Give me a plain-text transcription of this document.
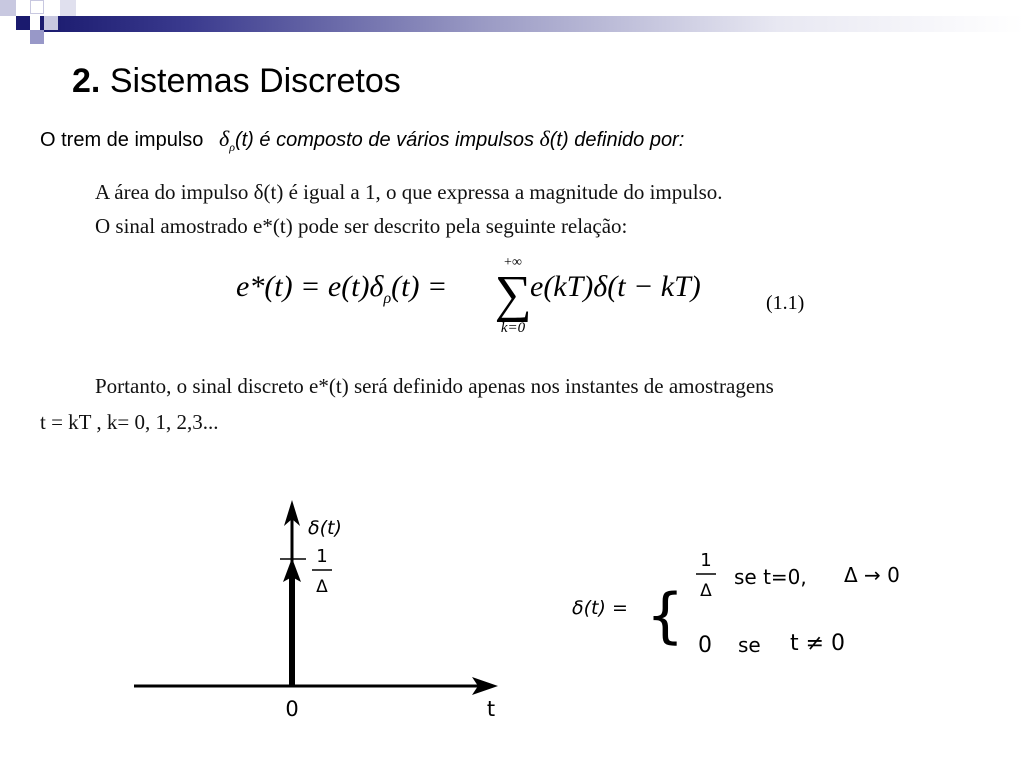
2. Sistemas Discretos
O trem de impulso $\delta_\rho(t)$ é composto de vários impulsos δ(t) definido por:
A área do impulso δ(t) é igual a 1, o que expressa a magnitude do impulso.
O sinal amostrado e*(t) pode ser descrito pela seguinte relação:
$e*(t) = e(t)\delta_\rho(t)$ =
+∞
∑
k=0
e(kT)δ(t − kT)	(1.1)
Portanto, o sinal discreto e*(t) será definido apenas nos instantes de amostragens
t = kT , k= 0, 1, 2,3...
δ(t)
1
Δ
0	t
δ(t) = {
1
Δ
se t=0, Δ → 0
0 se t ≠ 0
